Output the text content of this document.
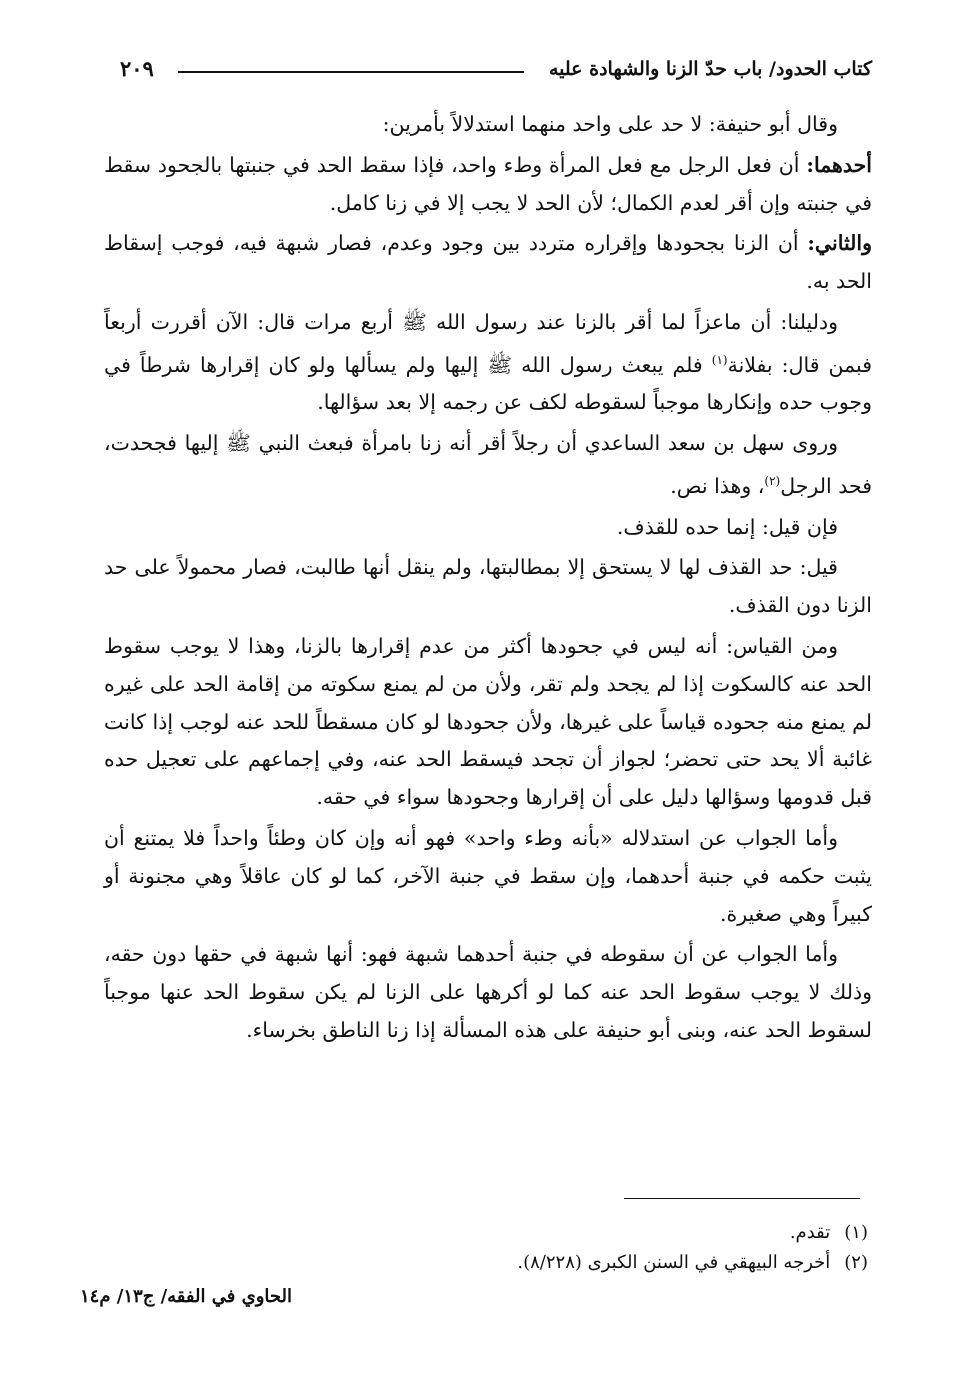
كتاب الحدود/ باب حدّ الزنا والشهادة عليه
٢٠٩

وقال أبو حنيفة: لا حد على واحد منهما استدلالاً بأمرين:

أحدهما: أن فعل الرجل مع فعل المرأة وطء واحد، فإذا سقط الحد في جنبتها بالجحود سقط في جنبته وإن أقر لعدم الكمال؛ لأن الحد لا يجب إلا في زنا كامل.

والثاني: أن الزنا بجحودها وإقراره متردد بين وجود وعدم، فصار شبهة فيه، فوجب إسقاط الحد به.

ودليلنا: أن ماعزاً لما أقر بالزنا عند رسول الله ﷺ أربع مرات قال: الآن أقررت أربعاً فبمن قال: بفلانة$^{(١)}$ فلم يبعث رسول الله ﷺ إليها ولم يسألها ولو كان إقرارها شرطاً في وجوب حده وإنكارها موجباً لسقوطه لكف عن رجمه إلا بعد سؤالها.

وروى سهل بن سعد الساعدي أن رجلاً أقر أنه زنا بامرأة فبعث النبي ﷺ إليها فجحدت، فحد الرجل$^{(٢)}$، وهذا نص.

فإن قيل: إنما حده للقذف.

قيل: حد القذف لها لا يستحق إلا بمطالبتها، ولم ينقل أنها طالبت، فصار محمولاً على حد الزنا دون القذف.

ومن القياس: أنه ليس في جحودها أكثر من عدم إقرارها بالزنا، وهذا لا يوجب سقوط الحد عنه كالسكوت إذا لم يجحد ولم تقر، ولأن من لم يمنع سكوته من إقامة الحد على غيره لم يمنع منه جحوده قياساً على غيرها، ولأن جحودها لو كان مسقطاً للحد عنه لوجب إذا كانت غائبة ألا يحد حتى تحضر؛ لجواز أن تجحد فيسقط الحد عنه، وفي إجماعهم على تعجيل حده قبل قدومها وسؤالها دليل على أن إقرارها وجحودها سواء في حقه.

وأما الجواب عن استدلاله «بأنه وطء واحد» فهو أنه وإن كان وطئاً واحداً فلا يمتنع أن يثبت حكمه في جنبة أحدهما، وإن سقط في جنبة الآخر، كما لو كان عاقلاً وهي مجنونة أو كبيراً وهي صغيرة.

وأما الجواب عن أن سقوطه في جنبة أحدهما شبهة فهو: أنها شبهة في حقها دون حقه، وذلك لا يوجب سقوط الحد عنه كما لو أكرهها على الزنا لم يكن سقوط الحد عنها موجباً لسقوط الحد عنه، وبنى أبو حنيفة على هذه المسألة إذا زنا الناطق بخرساء.

(١) تقدم.
(٢) أخرجه البيهقي في السنن الكبرى (٨/٢٢٨).
الحاوي في الفقه/ ج١٣/ م١٤
